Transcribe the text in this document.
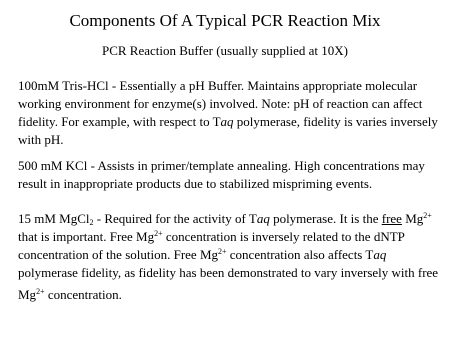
Components Of A Typical PCR Reaction Mix
PCR Reaction Buffer (usually supplied at 10X)
100mM Tris-HCl - Essentially a pH Buffer. Maintains appropriate molecular
working environment for enzyme(s) involved. Note: pH of reaction can affect
fidelity. For example, with respect to Taq polymerase, fidelity is varies inversely
with pH.
500 mM KCl - Assists in primer/template annealing. High concentrations may
result in inappropriate products due to stabilized mispriming events.
15 mM MgCl$_2$ - Required for the activity of Taq polymerase. It is the free $Mg^{2+}$
that is important. Free $Mg^{2+}$ concentration is inversely related to the dNTP
concentration of the solution. Free $Mg^{2+}$ concentration also affects Taq
polymerase fidelity, as fidelity has been demonstrated to vary inversely with free
$Mg^{2+}$ concentration.
